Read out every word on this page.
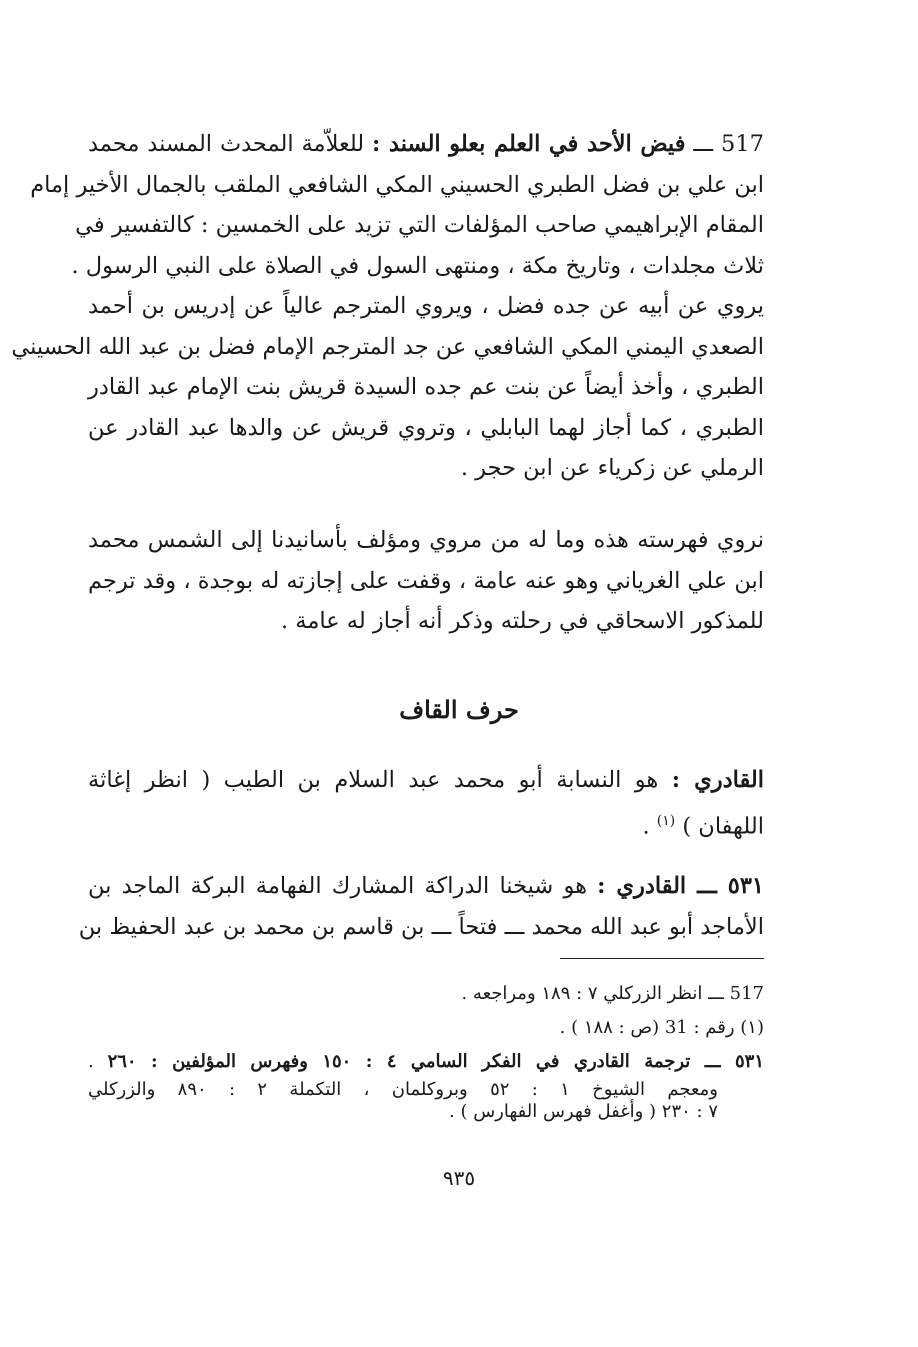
517 ـــ فيض الأحد في العلم بعلو السند : للعلاّمة المحدث المسند محمد
ابن علي بن فضل الطبري الحسيني المكي الشافعي الملقب بالجمال الأخير إمام
المقام الإبراهيمي صاحب المؤلفات التي تزيد على الخمسين : كالتفسير في
ثلاث مجلدات ، وتاريخ مكة ، ومنتهى السول في الصلاة على النبي الرسول .
يروي عن أبيه عن جده فضل ، ويروي المترجم عالياً عن إدريس بن أحمد
الصعدي اليمني المكي الشافعي عن جد المترجم الإمام فضل بن عبد الله الحسيني
الطبري ، وأخذ أيضاً عن بنت عم جده السيدة قريش بنت الإمام عبد القادر
الطبري ، كما أجاز لهما البابلي ، وتروي قريش عن والدها عبد القادر عن
الرملي عن زكرياء عن ابن حجر .
نروي فهرسته هذه وما له من مروي ومؤلف بأسانيدنا إلى الشمس محمد
ابن علي الغرياني وهو عنه عامة ، وقفت على إجازته له بوجدة ، وقد ترجم
للمذكور الاسحاقي في رحلته وذكر أنه أجاز له عامة .
حرف القاف
القادري : هو النسابة أبو محمد عبد السلام بن الطيب ( انظر إغاثة
اللهفان ) $^{(١)}$ .
٥٣١ ـــ القادري : هو شيخنا الدراكة المشارك الفهامة البركة الماجد بن
الأماجد أبو عبد الله محمد ـــ فتحاً ـــ بن قاسم بن محمد بن عبد الحفيظ بن
517 ـــ انظر الزركلي ٧ : ١٨٩ ومراجعه .
(١) رقم : 31 (ص : ١٨٨ ) .
٥٣١ ـــ ترجمة القادري في الفكر السامي ٤ : ١٥٠ وفهرس المؤلفين : ٢٦٠ .
ومعجم الشيوخ ١ : ٥٢ وبروكلمان ، التكملة ٢ : ٨٩٠ والزركلي
٧ : ٢٣٠ ( وأغفل فهرس الفهارس ) .
٩٣٥
